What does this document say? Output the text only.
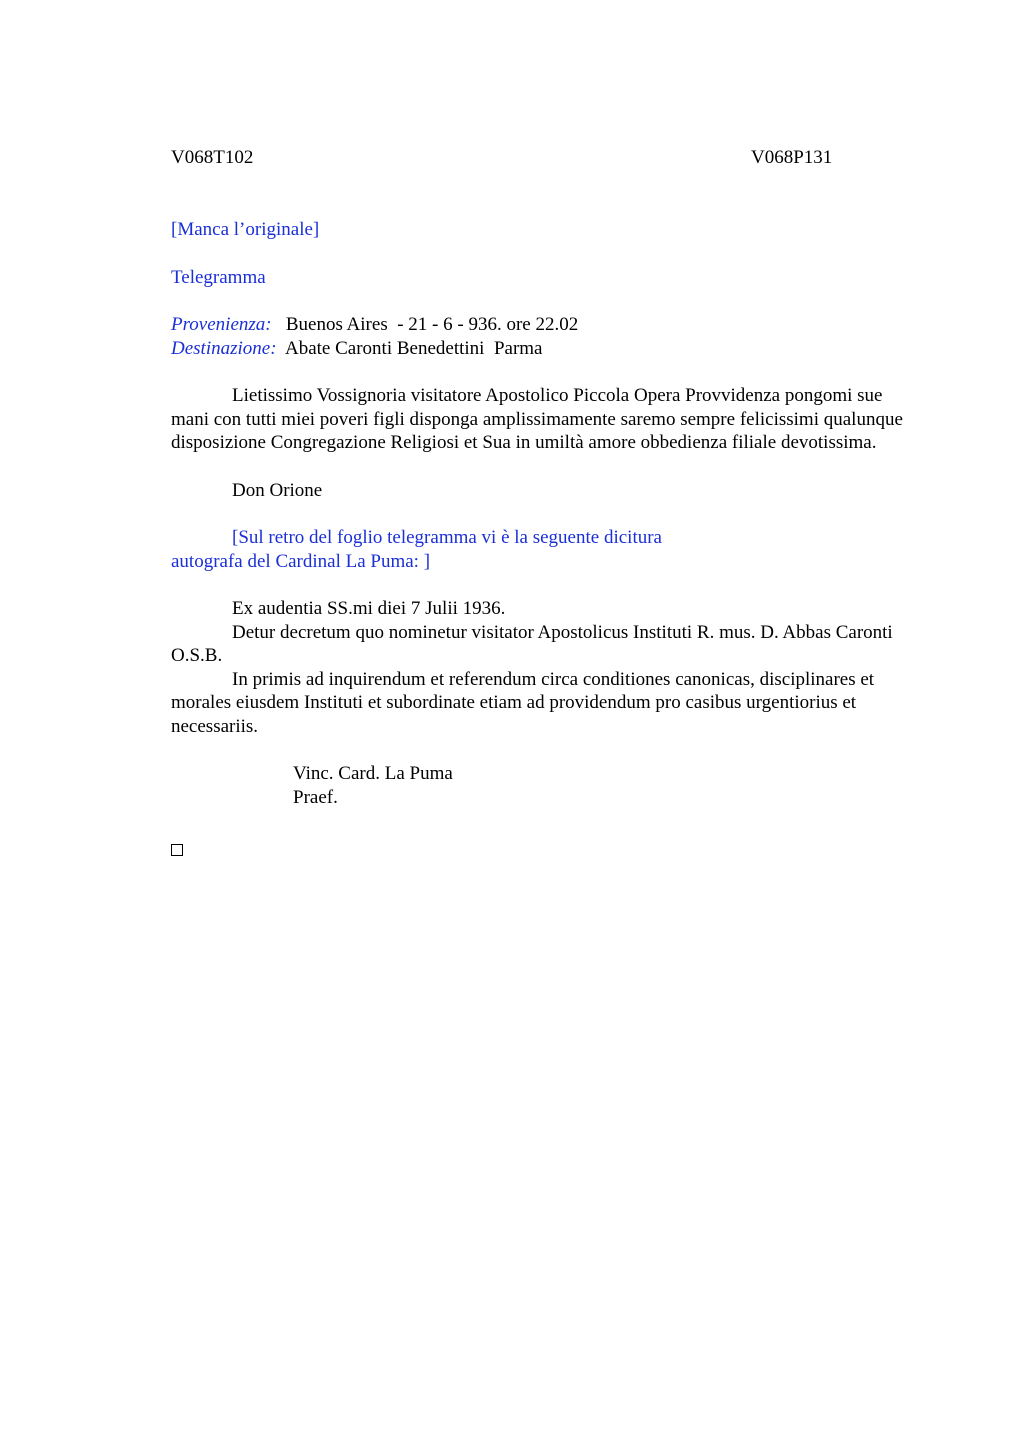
V068T102	V068P131

[Manca l’originale]

Telegramma

Provenienza: Buenos Aires  - 21 - 6 - 936. ore 22.02
Destinazione: Abate Caronti Benedettini  Parma

Lietissimo Vossignoria visitatore Apostolico Piccola Opera Provvidenza pongomi sue mani con tutti miei poveri figli disponga amplissimamente saremo sempre felicissimi qualunque disposizione Congregazione Religiosi et Sua in umiltà amore obbedienza filiale devotissima.

Don Orione

[Sul retro del foglio telegramma vi è la seguente dicitura
autografa del Cardinal La Puma: ]

Ex audentia SS.mi diei 7 Julii 1936.

Detur decretum quo nominetur visitator Apostolicus Instituti R. mus. D. Abbas Caronti O.S.B.

In primis ad inquirendum et referendum circa conditiones canonicas, disciplinares et morales eiusdem Instituti et subordinate etiam ad providendum pro casibus urgentiorius et necessariis.

Vinc. Card. La Puma

Praef.
